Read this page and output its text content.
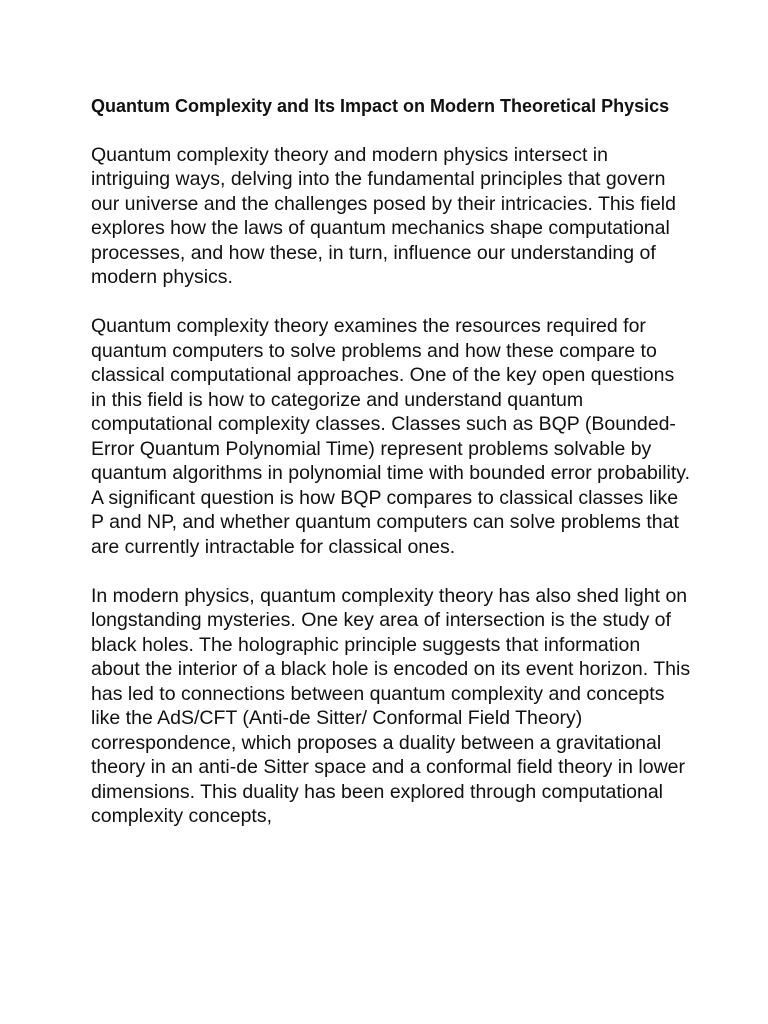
Quantum Complexity and Its Impact on Modern Theoretical Physics

Quantum complexity theory and modern physics intersect in intriguing ways, delving into the fundamental principles that govern our universe and the challenges posed by their intricacies. This field explores how the laws of quantum mechanics shape computational processes, and how these, in turn, influence our understanding of modern physics.

Quantum complexity theory examines the resources required for quantum computers to solve problems and how these compare to classical computational approaches. One of the key open questions in this field is how to categorize and understand quantum computational complexity classes. Classes such as BQP (Bounded-Error Quantum Polynomial Time) represent problems solvable by quantum algorithms in polynomial time with bounded error probability. A significant question is how BQP compares to classical classes like P and NP, and whether quantum computers can solve problems that are currently intractable for classical ones.

In modern physics, quantum complexity theory has also shed light on longstanding mysteries. One key area of intersection is the study of black holes. The holographic principle suggests that information about the interior of a black hole is encoded on its event horizon. This has led to connections between quantum complexity and concepts like the AdS/CFT (Anti-de Sitter/ Conformal Field Theory) correspondence, which proposes a duality between a gravitational theory in an anti-de Sitter space and a conformal field theory in lower dimensions. This duality has been explored through computational complexity concepts,
